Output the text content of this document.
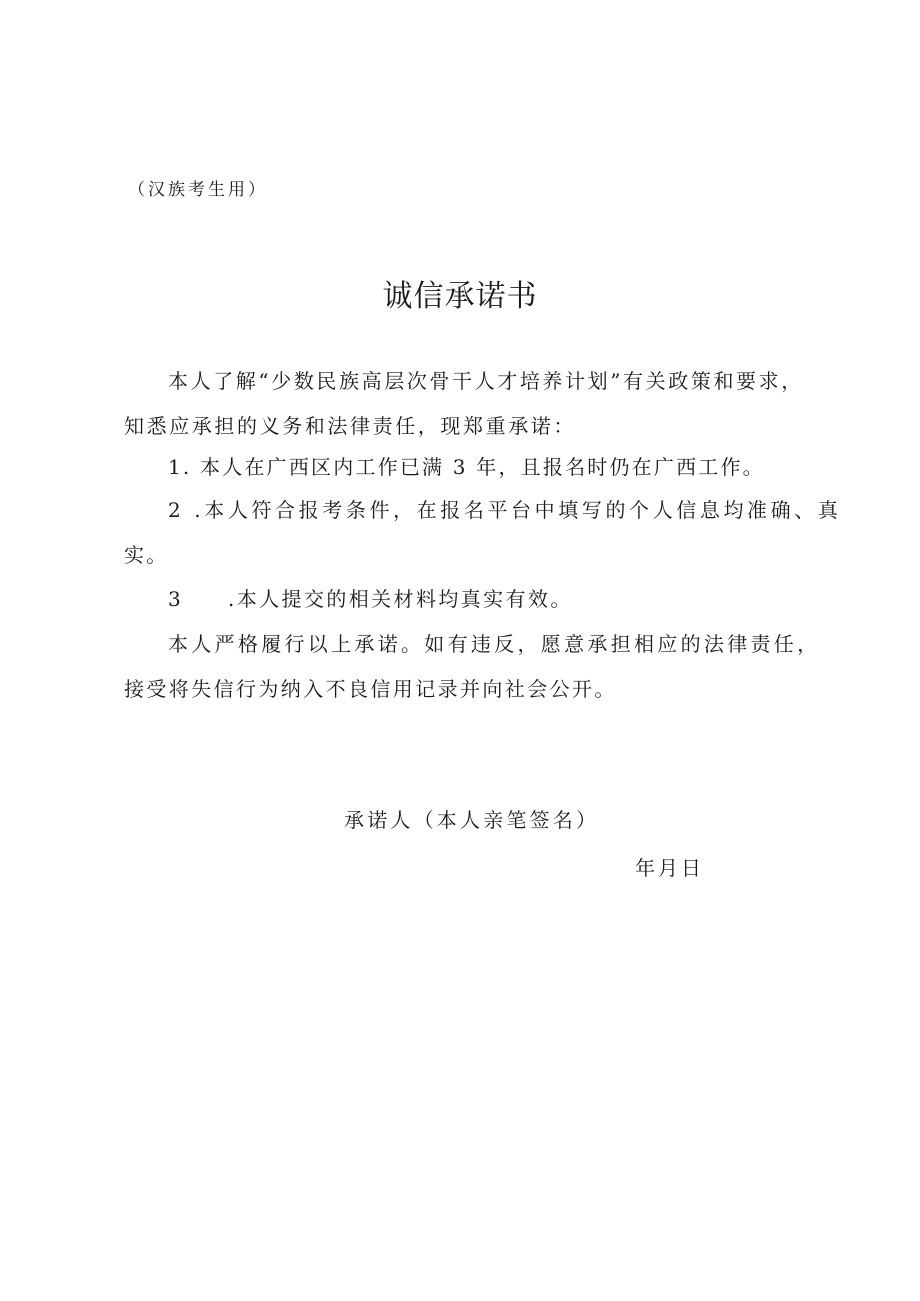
（汉族考生用）
诚信承诺书
本人了解“少数民族高层次骨干人才培养计划”有关政策和要求，
知悉应承担的义务和法律责任，现郑重承诺：
1. 本人在广西区内工作已满 3 年，且报名时仍在广西工作。
2 .本人符合报考条件，在报名平台中填写的个人信息均准确、真
实。
3 .本人提交的相关材料均真实有效。
本人严格履行以上承诺。如有违反，愿意承担相应的法律责任，
接受将失信行为纳入不良信用记录并向社会公开。
承诺人（本人亲笔签名）
年月日
